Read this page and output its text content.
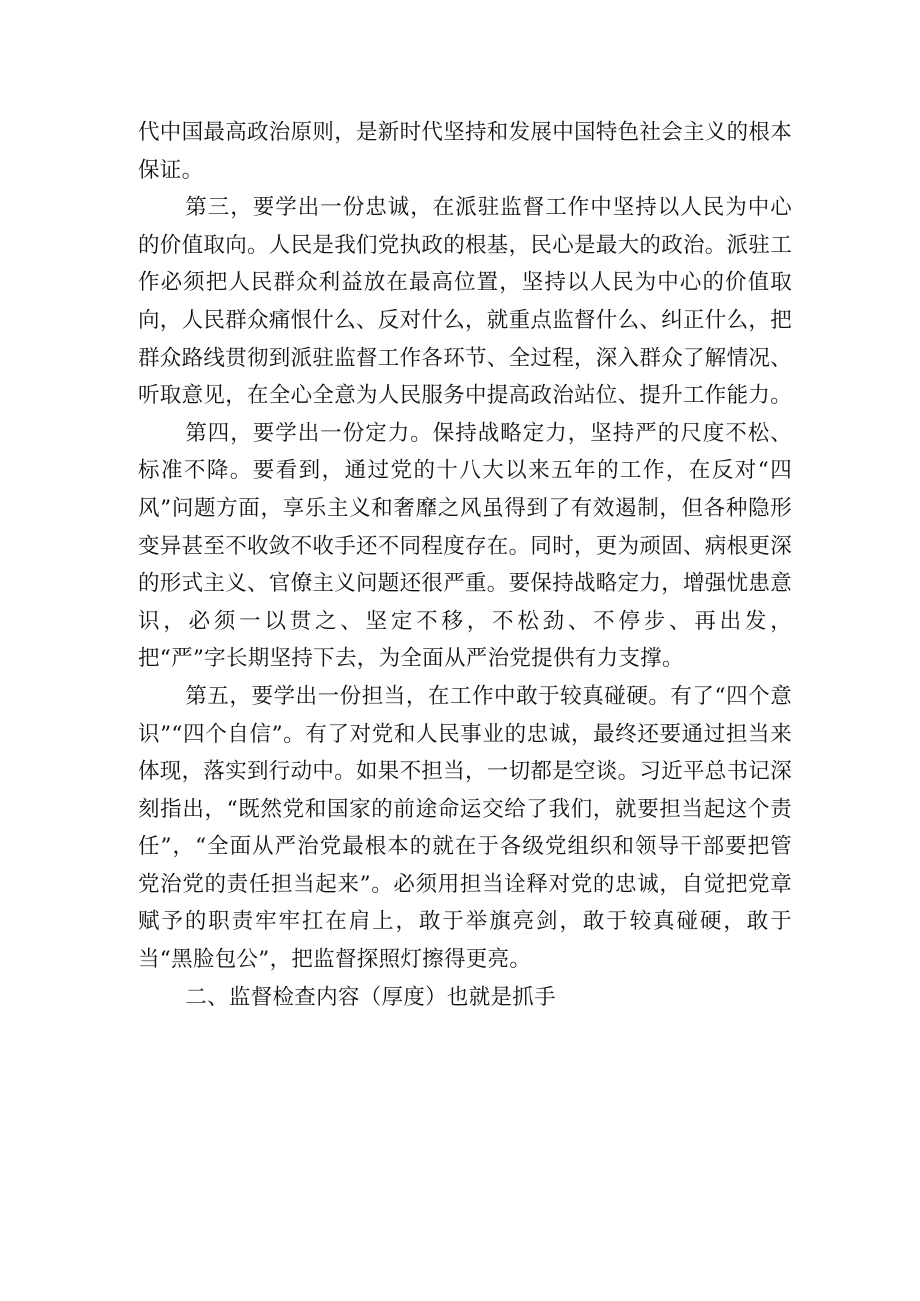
代中国最高政治原则，是新时代坚持和发展中国特色社会主义的根本保证。

第三，要学出一份忠诚，在派驻监督工作中坚持以人民为中心的价值取向。人民是我们党执政的根基，民心是最大的政治。派驻工作必须把人民群众利益放在最高位置，坚持以人民为中心的价值取向，人民群众痛恨什么、反对什么，就重点监督什么、纠正什么，把群众路线贯彻到派驻监督工作各环节、全过程，深入群众了解情况、听取意见，在全心全意为人民服务中提高政治站位、提升工作能力。

第四，要学出一份定力。保持战略定力，坚持严的尺度不松、标准不降。要看到，通过党的十八大以来五年的工作，在反对“四风”问题方面，享乐主义和奢靡之风虽得到了有效遏制，但各种隐形变异甚至不收敛不收手还不同程度存在。同时，更为顽固、病根更深的形式主义、官僚主义问题还很严重。要保持战略定力，增强忧患意识，必须一以贯之、坚定不移，不松劲、不停步、再出发，把“严”字长期坚持下去，为全面从严治党提供有力支撑。

第五，要学出一份担当，在工作中敢于较真碰硬。有了“四个意识”“四个自信”。有了对党和人民事业的忠诚，最终还要通过担当来体现，落实到行动中。如果不担当，一切都是空谈。习近平总书记深刻指出，“既然党和国家的前途命运交给了我们，就要担当起这个责任”，“全面从严治党最根本的就在于各级党组织和领导干部要把管党治党的责任担当起来”。必须用担当诠释对党的忠诚，自觉把党章赋予的职责牢牢扛在肩上，敢于举旗亮剑，敢于较真碰硬，敢于当“黑脸包公”，把监督探照灯擦得更亮。

二、监督检查内容（厚度）也就是抓手
